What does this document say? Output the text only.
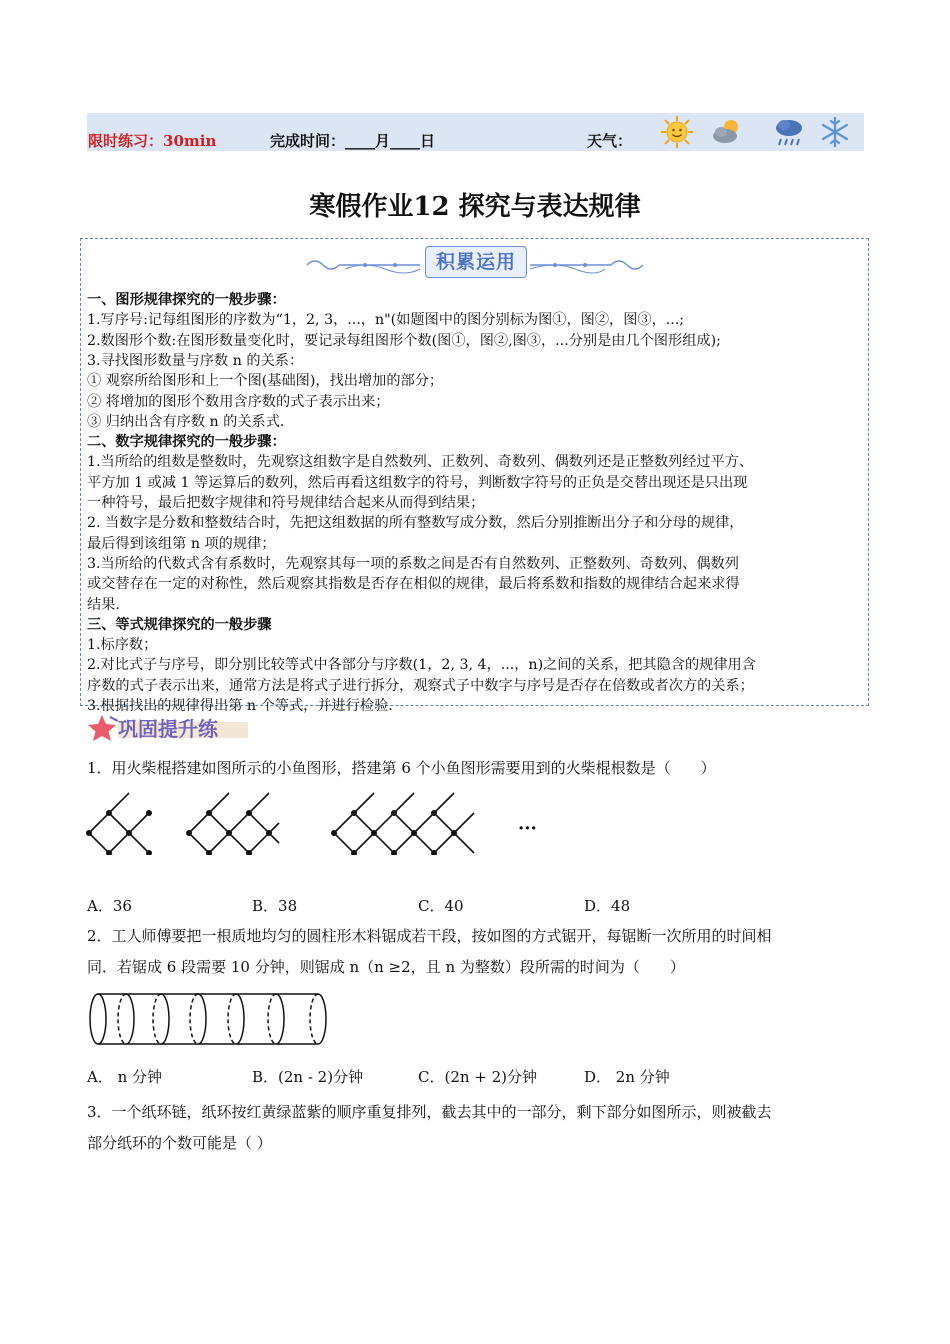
限时练习：30min	完成时间：____月____日	天气：
寒假作业12 探究与表达规律
积累运用
一、图形规律探究的一般步骤：
1.写序号:记每组图形的序数为“1，2, 3，...，n"(如题图中的图分别标为图①，图②，图③，...;
2.数图形个数:在图形数量变化时，要记录每组图形个数(图①，图②,图③，...分别是由几个图形组成);
3.寻找图形数量与序数 n 的关系：
① 观察所给图形和上一个图(基础图)，找出增加的部分；
② 将增加的图形个数用含序数的式子表示出来；
③ 归纳出含有序数 n 的关系式.
二、数字规律探究的一般步骤：
1.当所给的组数是整数时，先观察这组数字是自然数列、正数列、奇数列、偶数列还是正整数列经过平方、
平方加 1 或减 1 等运算后的数列，然后再看这组数字的符号，判断数字符号的正负是交替出现还是只出现
一种符号，最后把数字规律和符号规律结合起来从而得到结果；
2. 当数字是分数和整数结合时，先把这组数据的所有整数写成分数，然后分别推断出分子和分母的规律，
最后得到该组第 n 项的规律；
3.当所给的代数式含有系数时，先观察其每一项的系数之间是否有自然数列、正整数列、奇数列、偶数列
或交替存在一定的对称性，然后观察其指数是否存在相似的规律，最后将系数和指数的规律结合起来求得
结果.
三、等式规律探究的一般步骤
1.标序数；
2.对比式子与序号，即分别比较等式中各部分与序数(1，2, 3, 4，...，n)之间的关系，把其隐含的规律用含
序数的式子表示出来，通常方法是将式子进行拆分，观察式子中数字与序号是否存在倍数或者次方的关系；
3.根据找出的规律得出第 n 个等式，并进行检验.
巩固提升练
1．用火柴棍搭建如图所示的小鱼图形，搭建第 6 个小鱼图形需要用到的火柴棍根数是（　　）
···
A．36	B．38	C．40	D．48
2．工人师傅要把一根质地均匀的圆柱形木料锯成若干段，按如图的方式锯开，每锯断一次所用的时间相
同．若锯成 6 段需要 10 分钟，则锯成 n（n ≥2，且 n 为整数）段所需的时间为（　　）
A． n 分钟	B．(2n - 2)分钟	C．(2n + 2)分钟	D． 2n 分钟
3．一个纸环链，纸环按红黄绿蓝紫的顺序重复排列，截去其中的一部分，剩下部分如图所示，则被截去
部分纸环的个数可能是（ ）
